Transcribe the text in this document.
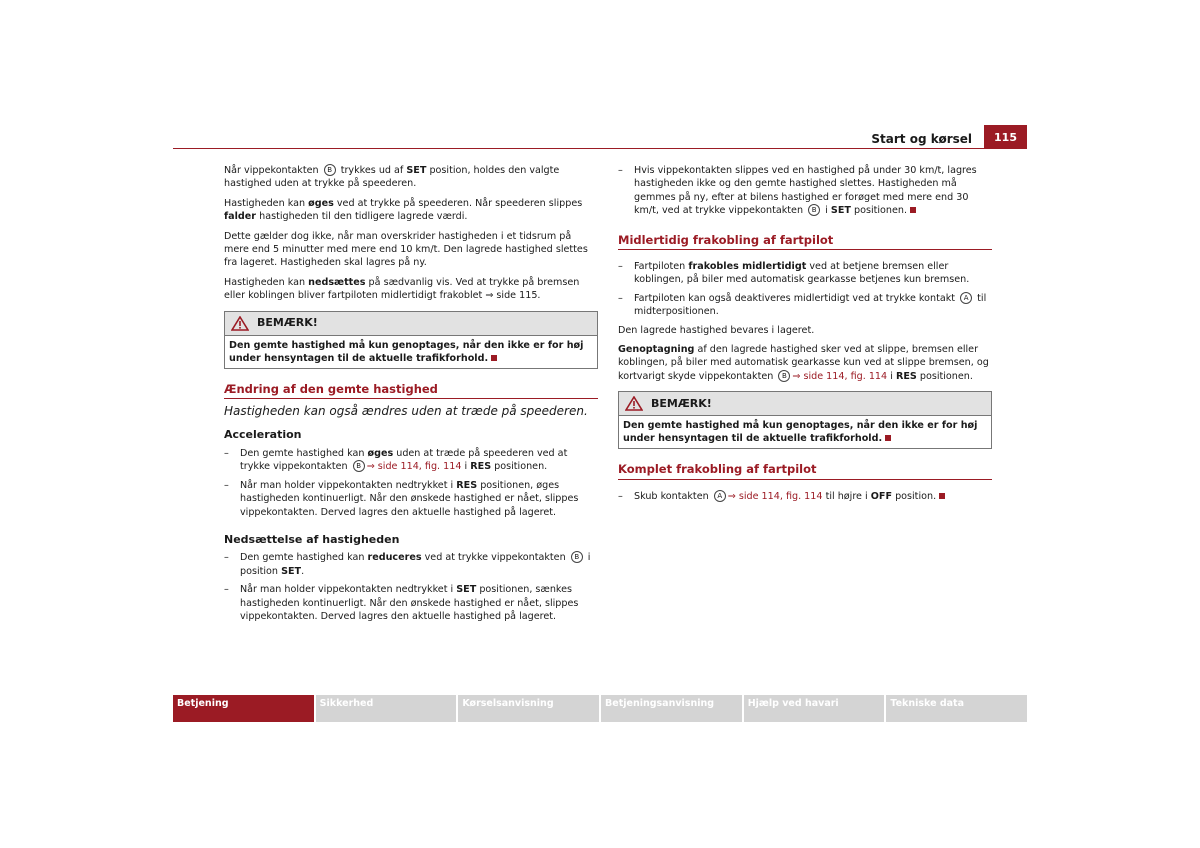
Start og kørsel	115

Når vippekontakten B trykkes ud af SET position, holdes den valgte hastighed uden at trykke på speederen.

Hastigheden kan øges ved at trykke på speederen. Når speederen slippes falder hastigheden til den tidligere lagrede værdi.

Dette gælder dog ikke, når man overskrider hastigheden i et tidsrum på mere end 5 minutter med mere end 10 km/t. Den lagrede hastighed slettes fra lageret. Hastigheden skal lagres på ny.

Hastigheden kan nedsættes på sædvanlig vis. Ved at trykke på bremsen eller koblingen bliver fartpiloten midlertidigt frakoblet ⇒ side 115.

BEMÆRK!
Den gemte hastighed må kun genoptages, når den ikke er for høj under hensyntagen til de aktuelle trafikforhold.
Ændring af den gemte hastighed
Hastigheden kan også ændres uden at træde på speederen.
Acceleration
– Den gemte hastighed kan øges uden at træde på speederen ved at trykke vippekontakten B ⇒ side 114, fig. 114 i RES positionen.
– Når man holder vippekontakten nedtrykket i RES positionen, øges hastigheden kontinuerligt. Når den ønskede hastighed er nået, slippes vippekontakten. Derved lagres den aktuelle hastighed på lageret.
Nedsættelse af hastigheden
– Den gemte hastighed kan reduceres ved at trykke vippekontakten B i position SET.
– Når man holder vippekontakten nedtrykket i SET positionen, sænkes hastigheden kontinuerligt. Når den ønskede hastighed er nået, slippes vippekontakten. Derved lagres den aktuelle hastighed på lageret.
– Hvis vippekontakten slippes ved en hastighed på under 30 km/t, lagres hastigheden ikke og den gemte hastighed slettes. Hastigheden må gemmes på ny, efter at bilens hastighed er forøget med mere end 30 km/t, ved at trykke vippekontakten B i SET positionen.
Midlertidig frakobling af fartpilot
– Fartpiloten frakobles midlertidigt ved at betjene bremsen eller koblingen, på biler med automatisk gearkasse betjenes kun bremsen.
– Fartpiloten kan også deaktiveres midlertidigt ved at trykke kontakt A til midterpositionen.

Den lagrede hastighed bevares i lageret.

Genoptagning af den lagrede hastighed sker ved at slippe, bremsen eller koblingen, på biler med automatisk gearkasse kun ved at slippe bremsen, og kortvarigt skyde vippekontakten B ⇒ side 114, fig. 114 i RES positionen.

BEMÆRK!
Den gemte hastighed må kun genoptages, når den ikke er for høj under hensyntagen til de aktuelle trafikforhold.
Komplet frakobling af fartpilot
– Skub kontakten A ⇒ side 114, fig. 114 til højre i OFF position.
Betjening	Sikkerhed	Kørselsanvisning	Betjeningsanvisning	Hjælp ved havari	Tekniske data
